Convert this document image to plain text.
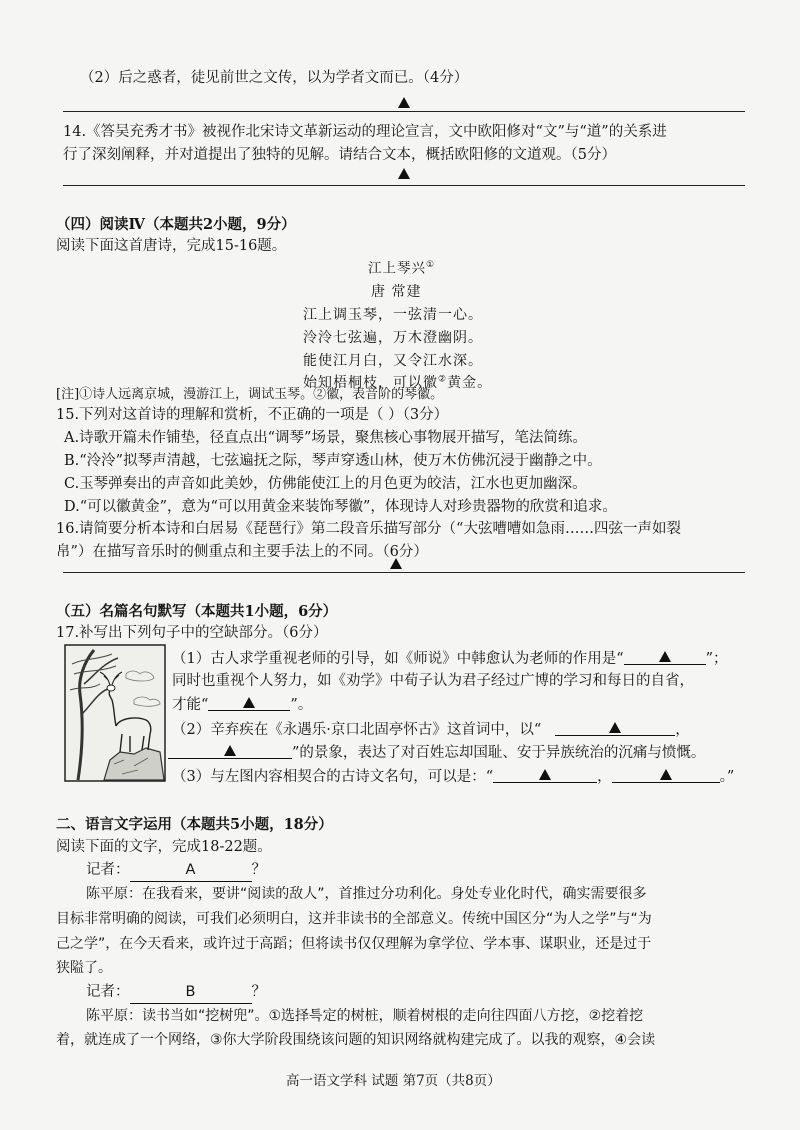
（2）后之惑者，徒见前世之文传，以为学者文而已。（4分）
14.《答吴充秀才书》被视作北宋诗文革新运动的理论宣言，文中欧阳修对“文”与“道”的关系进
行了深刻阐释，并对道提出了独特的见解。请结合文本，概括欧阳修的文道观。（5分）
（四）阅读Ⅳ（本题共2小题，9分）
阅读下面这首唐诗，完成15-16题。
江上琴兴①
唐 常建
江上调玉琴，一弦清一心。
泠泠七弦遍，万木澄幽阴。
能使江月白，又令江水深。
始知梧桐枝，可以徽②黄金。
[注]①诗人远离京城，漫游江上，调试玉琴。②徽，表音阶的琴徽。
15.下列对这首诗的理解和赏析，不正确的一项是（ ）（3分）
A.诗歌开篇未作铺垫，径直点出“调琴”场景，聚焦核心事物展开描写，笔法简练。
B.“泠泠”拟琴声清越，七弦遍抚之际，琴声穿透山林，使万木仿佛沉浸于幽静之中。
C.玉琴弹奏出的声音如此美妙，仿佛能使江上的月色更为皎洁，江水也更加幽深。
D.“可以徽黄金”，意为“可以用黄金来装饰琴徽”，体现诗人对珍贵器物的欣赏和追求。
16.请简要分析本诗和白居易《琵琶行》第二段音乐描写部分（“大弦嘈嘈如急雨……四弦一声如裂
帛”）在描写音乐时的侧重点和主要手法上的不同。（6分）
（五）名篇名句默写（本题共1小题，6分）
17.补写出下列句子中的空缺部分。（6分）
（1）古人求学重视老师的引导，如《师说》中韩愈认为老师的作用是“	”；
同时也重视个人努力，如《劝学》中荀子认为君子经过广博的学习和每日的自省，
才能“	”。
（2）辛弃疾在《永遇乐·京口北固亭怀古》这首词中，以“	，
”的景象，表达了对百姓忘却国耻、安于异族统治的沉痛与愤慨。
（3）与左图内容相契合的古诗文名句，可以是：“	，	。”
二、语言文字运用（本题共5小题，18分）
阅读下面的文字，完成18-22题。
记者：	A	？
陈平原：在我看来，要讲“阅读的敌人”，首推过分功利化。身处专业化时代，确实需要很多
目标非常明确的阅读，可我们必须明白，这并非读书的全部意义。传统中国区分“为人之学”与“为
己之学”，在今天看来，或许过于高蹈；但将读书仅仅理解为拿学位、学本事、谋职业，还是过于
狭隘了。
记者：	B	？
陈平原：读书当如“挖树兜”。①选择특定的树桩，顺着树根的走向往四面八方挖，②挖着挖
着，就连成了一个网络，③你大学阶段围绕该问题的知识网络就构建完成了。以我的观察，④会读
高一语文学科 试题 第7页（共8页）
